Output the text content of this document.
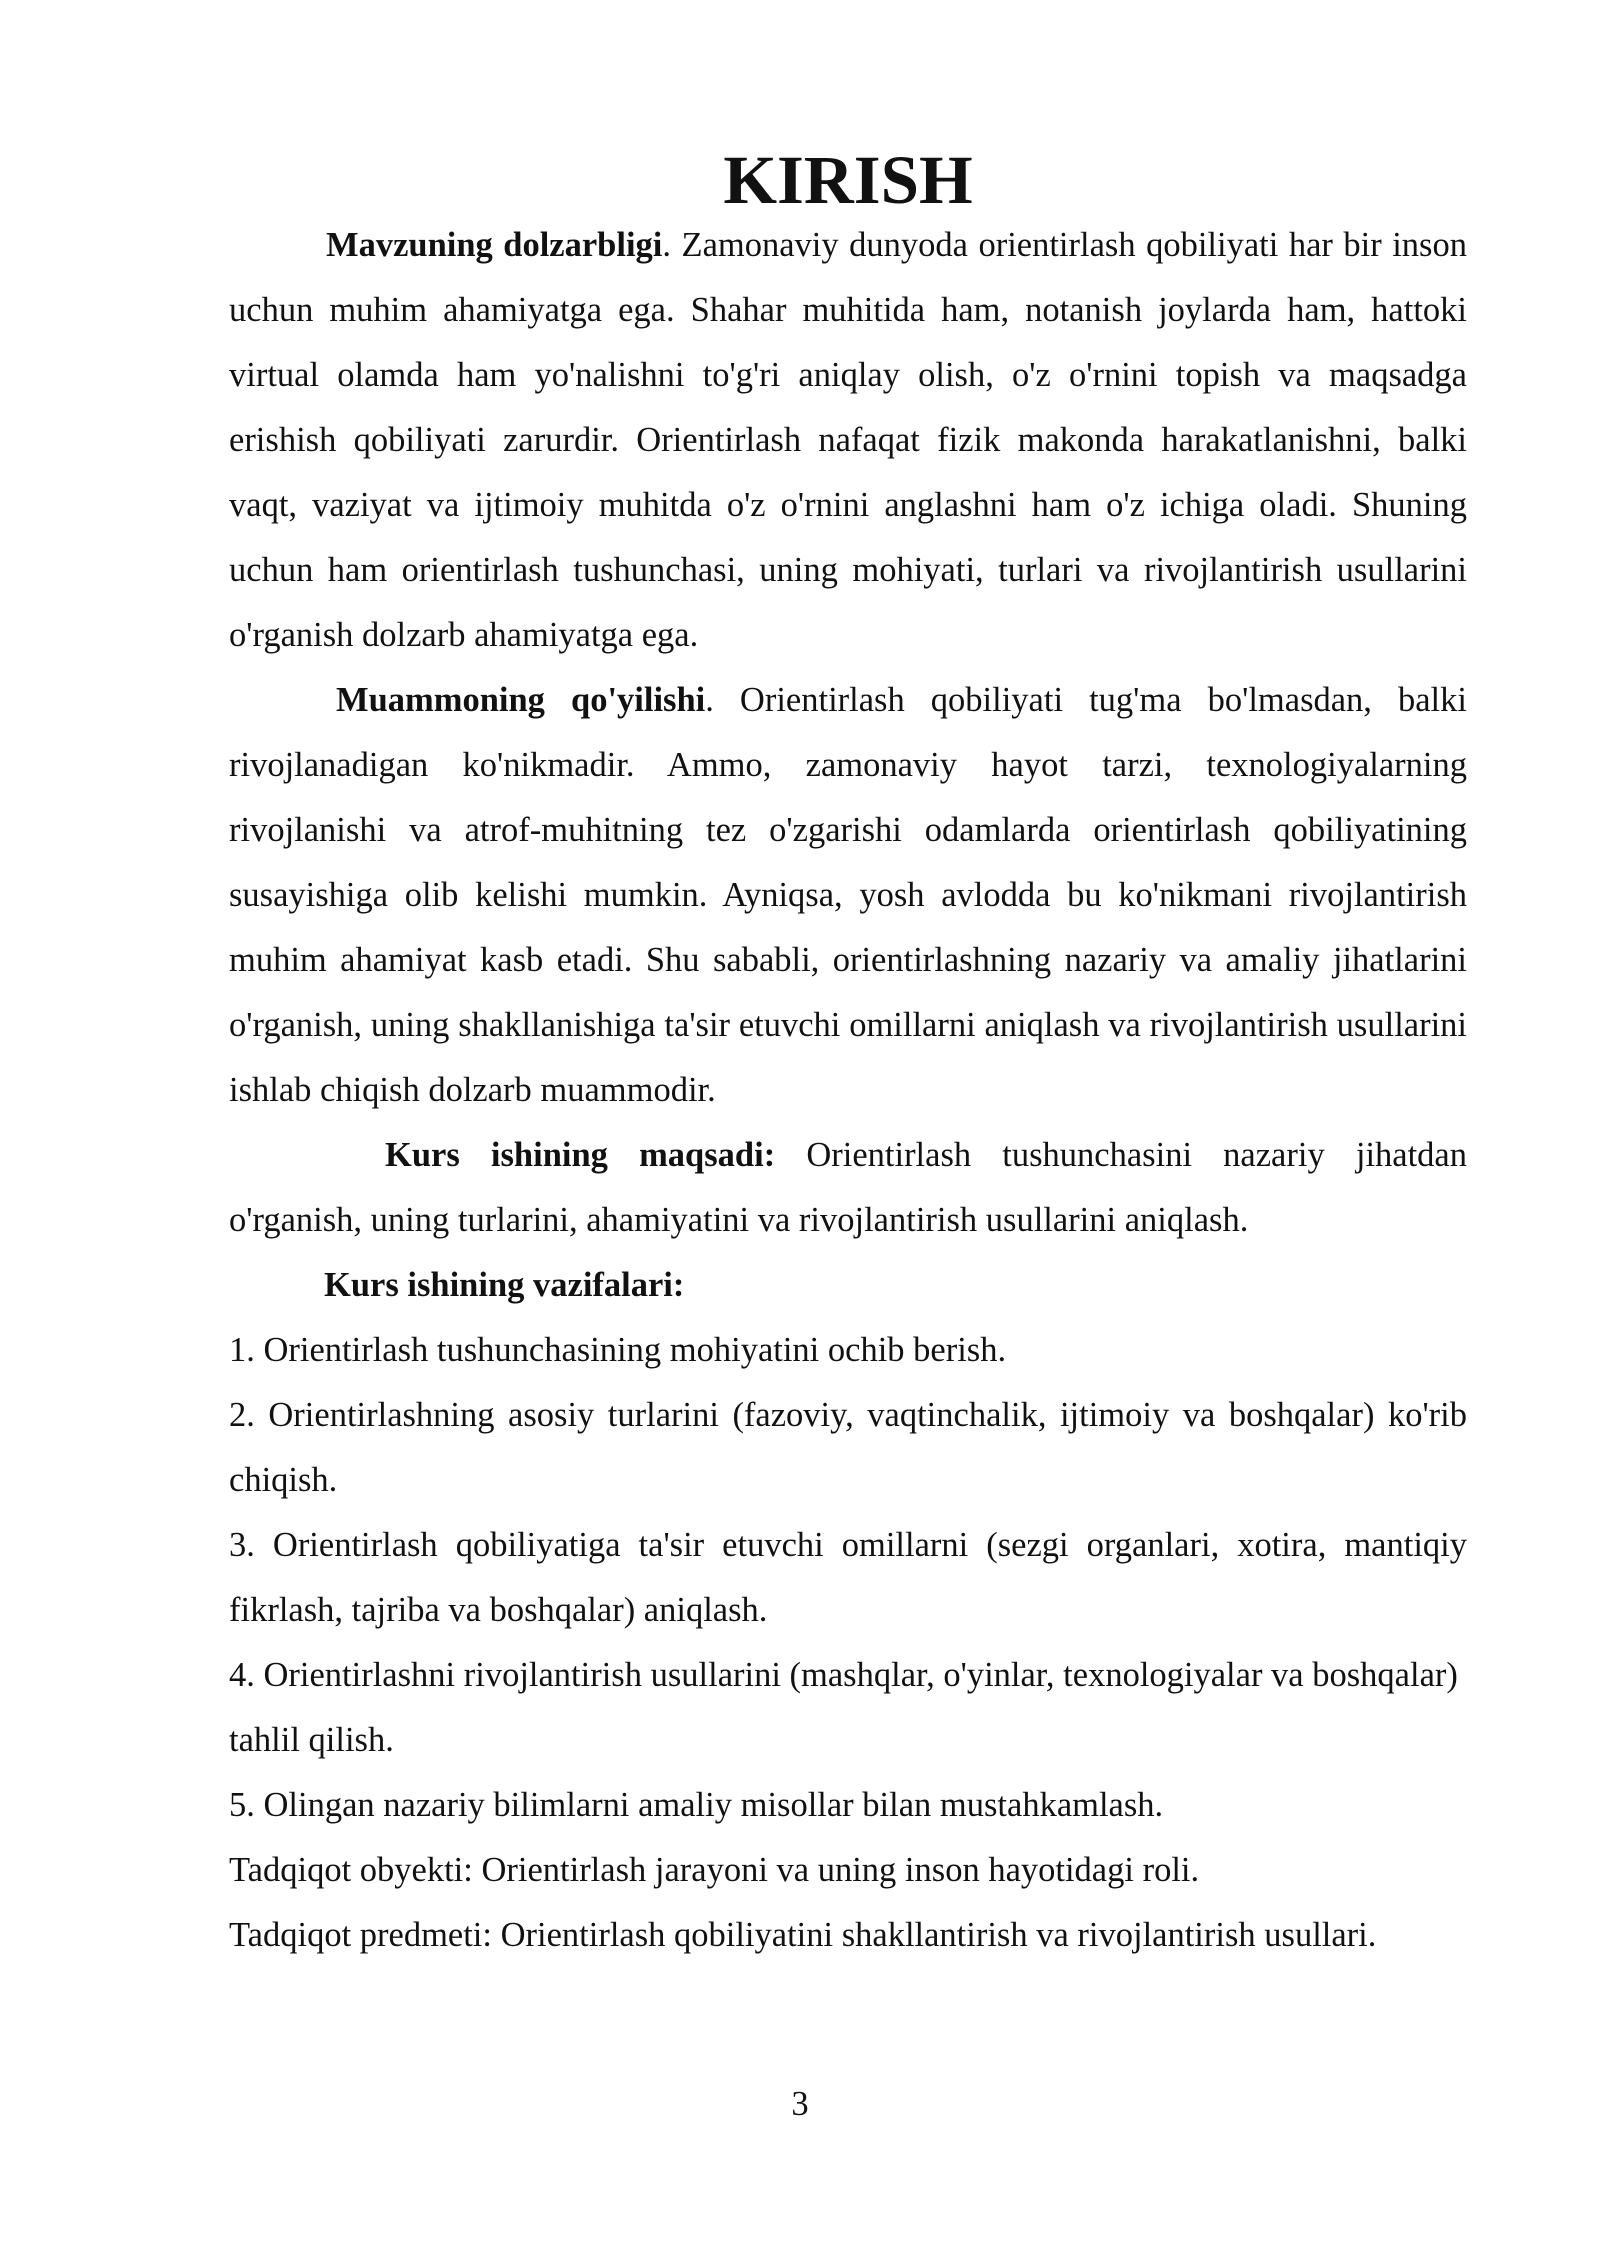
KIRISH

Mavzuning dolzarbligi. Zamonaviy dunyoda orientirlash qobiliyati har bir inson uchun muhim ahamiyatga ega. Shahar muhitida ham, notanish joylarda ham, hattoki virtual olamda ham yo'nalishni to'g'ri aniqlay olish, o'z o'rnini topish va maqsadga erishish qobiliyati zarurdir. Orientirlash nafaqat fizik makonda harakatlanishni, balki vaqt, vaziyat va ijtimoiy muhitda o'z o'rnini anglashni ham o'z ichiga oladi. Shuning uchun ham orientirlash tushunchasi, uning mohiyati, turlari va rivojlantirish usullarini o'rganish dolzarb ahamiyatga ega.

Muammoning qo'yilishi. Orientirlash qobiliyati tug'ma bo'lmasdan, balki rivojlanadigan ko'nikmadir. Ammo, zamonaviy hayot tarzi, texnologiyalarning rivojlanishi va atrof-muhitning tez o'zgarishi odamlarda orientirlash qobiliyatining susayishiga olib kelishi mumkin. Ayniqsa, yosh avlodda bu ko'nikmani rivojlantirish muhim ahamiyat kasb etadi. Shu sababli, orientirlashning nazariy va amaliy jihatlarini o'rganish, uning shakllanishiga ta'sir etuvchi omillarni aniqlash va rivojlantirish usullarini ishlab chiqish dolzarb muammodir.

Kurs ishining maqsadi: Orientirlash tushunchasini nazariy jihatdan o'rganish, uning turlarini, ahamiyatini va rivojlantirish usullarini aniqlash.

Kurs ishining vazifalari:

1. Orientirlash tushunchasining mohiyatini ochib berish.
2. Orientirlashning asosiy turlarini (fazoviy, vaqtinchalik, ijtimoiy va boshqalar) ko'rib chiqish.
3. Orientirlash qobiliyatiga ta'sir etuvchi omillarni (sezgi organlari, xotira, mantiqiy fikrlash, tajriba va boshqalar) aniqlash.
4. Orientirlashni rivojlantirish usullarini (mashqlar, o'yinlar, texnologiyalar va boshqalar) tahlil qilish.
5. Olingan nazariy bilimlarni amaliy misollar bilan mustahkamlash.

Tadqiqot obyekti: Orientirlash jarayoni va uning inson hayotidagi roli.

Tadqiqot predmeti: Orientirlash qobiliyatini shakllantirish va rivojlantirish usullari.

3
